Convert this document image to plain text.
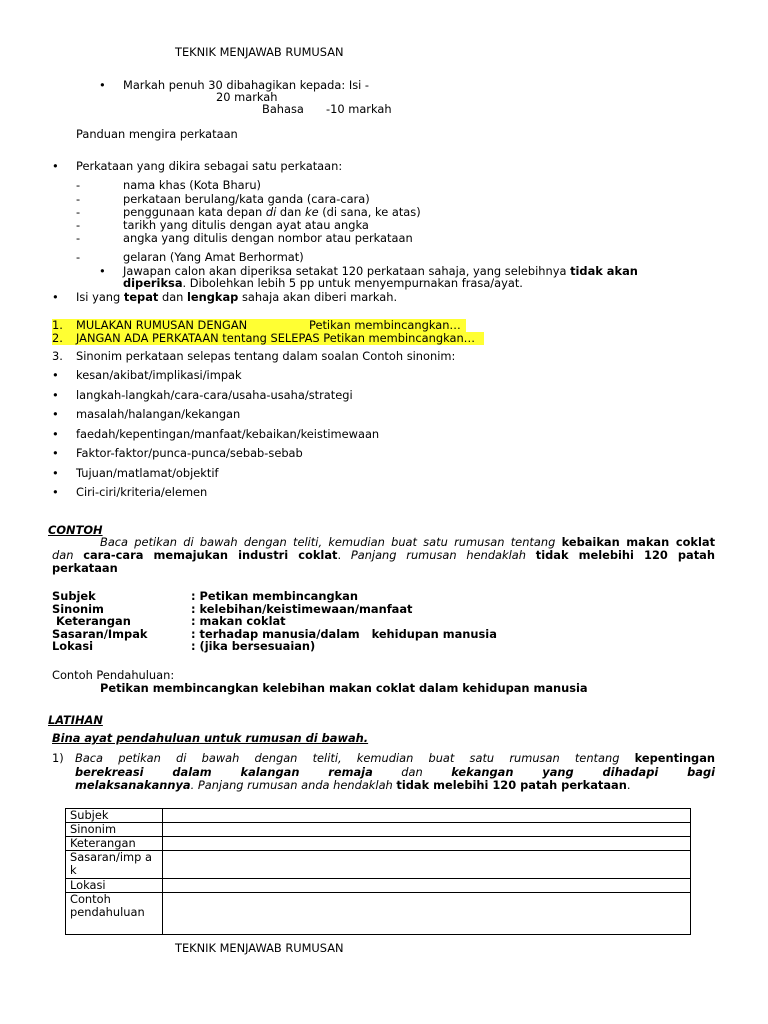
TEKNIK MENJAWAB RUMUSAN
• Markah penuh 30 dibahagikan kepada: Isi -
20 markah
Bahasa -10 markah
Panduan mengira perkataan
• Perkataan yang dikira sebagai satu perkataan:
-	nama khas (Kota Bharu)
-	perkataan berulang/kata ganda (cara-cara)
-	penggunaan kata depan di dan ke (di sana, ke atas)
-	tarikh yang ditulis dengan ayat atau angka
-	angka yang ditulis dengan nombor atau perkataan
-	gelaran (Yang Amat Berhormat)
• Jawapan calon akan diperiksa setakat 120 perkataan sahaja, yang selebihnya tidak akan
diperiksa. Dibolehkan lebih 5 pp untuk menyempurnakan frasa/ayat.
• Isi yang tepat dan lengkap sahaja akan diberi markah.
1. MULAKAN RUMUSAN DENGAN	Petikan membincangkan…
2. JANGAN ADA PERKATAAN tentang SELEPAS Petikan membincangkan…
3. Sinonim perkataan selepas tentang dalam soalan Contoh sinonim:
• kesan/akibat/implikasi/impak
• langkah-langkah/cara-cara/usaha-usaha/strategi
• masalah/halangan/kekangan
• faedah/kepentingan/manfaat/kebaikan/keistimewaan
• Faktor-faktor/punca-punca/sebab-sebab
• Tujuan/matlamat/objektif
• Ciri-ciri/kriteria/elemen
CONTOH
Baca petikan di bawah dengan teliti, kemudian buat satu rumusan tentang kebaikan makan coklat
dan cara-cara memajukan industri coklat. Panjang rumusan hendaklah tidak melebihi 120 patah
perkataan
Subjek	: Petikan membincangkan
Sinonim	: kelebihan/keistimewaan/manfaat
Keterangan	: makan coklat
Sasaran/Impak	: terhadap manusia/dalam   kehidupan manusia
Lokasi	: (jika bersesuaian)
Contoh Pendahuluan:
Petikan membincangkan kelebihan makan coklat dalam kehidupan manusia
LATIHAN
Bina ayat pendahuluan untuk rumusan di bawah.
1) Baca petikan di bawah dengan teliti, kemudian buat satu rumusan tentang kepentingan
berekreasi dalam kalangan remaja dan kekangan yang dihadapi bagi
melaksanakannya. Panjang rumusan anda hendaklah tidak melebihi 120 patah perkataan.
Subjek	
Sinonim	
Keterangan	
Sasaran/imp ak	
Lokasi	
Contoh pendahuluan	
TEKNIK MENJAWAB RUMUSAN
